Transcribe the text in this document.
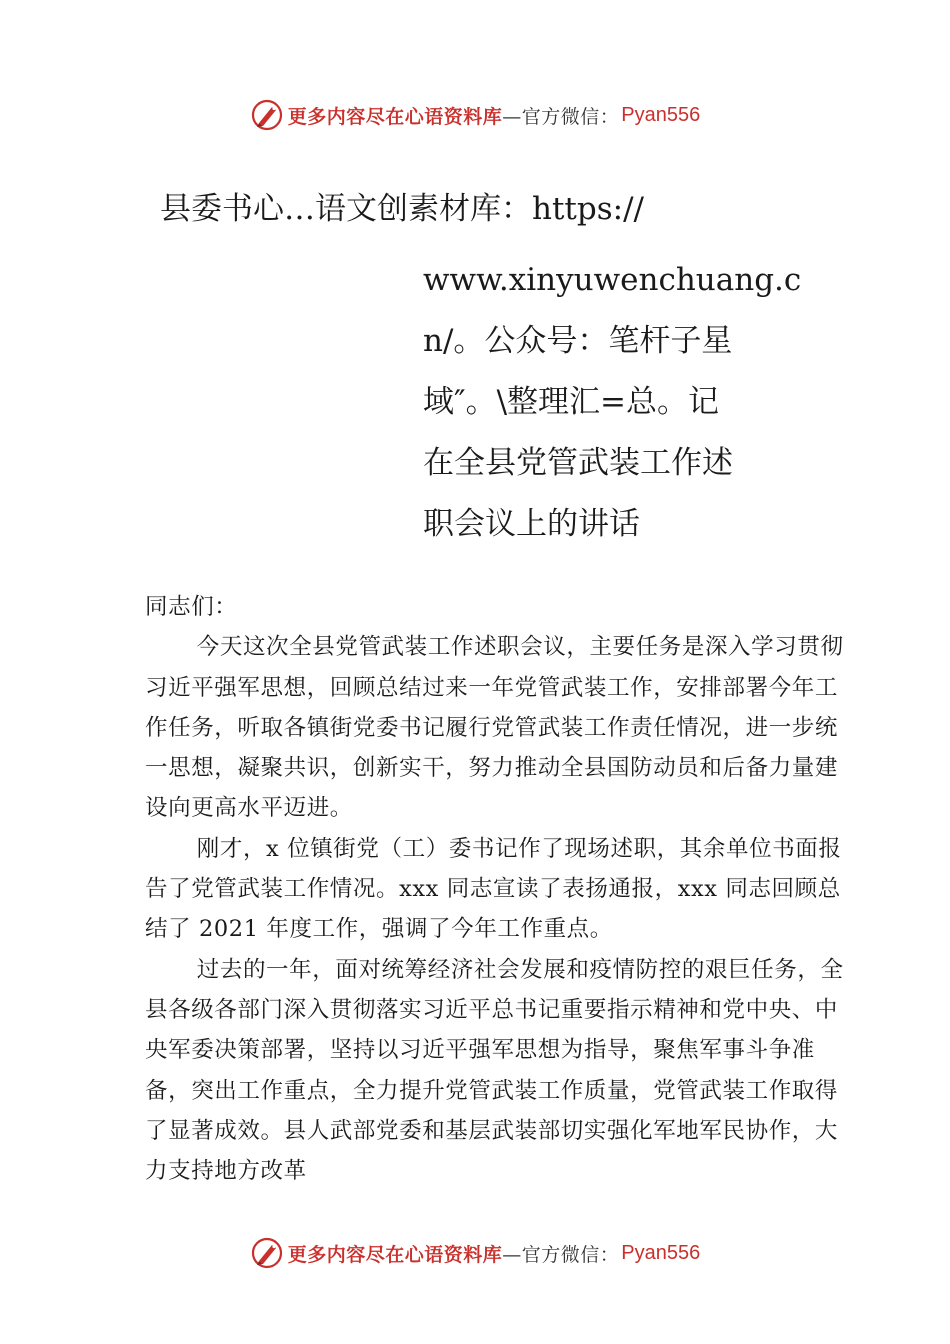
更多内容尽在心语资料库 —官方微信： Pyan556
县委书心…语文创素材库：https://
www.xinyuwenchuang.c
n/。公众号：笔杆子星
域″。\整理汇=总。记
在全县党管武装工作述
职会议上的讲话

同志们：

今天这次全县党管武装工作述职会议，主要任务是深入学习贯彻习近平强军思想，回顾总结过来一年党管武装工作，安排部署今年工作任务，听取各镇街党委书记履行党管武装工作责任情况，进一步统一思想，凝聚共识，创新实干，努力推动全县国防动员和后备力量建设向更高水平迈进。

刚才，x 位镇街党（工）委书记作了现场述职，其余单位书面报告了党管武装工作情况。xxx 同志宣读了表扬通报，xxx 同志回顾总结了 2021 年度工作，强调了今年工作重点。

过去的一年，面对统筹经济社会发展和疫情防控的艰巨任务，全县各级各部门深入贯彻落实习近平总书记重要指示精神和党中央、中央军委决策部署，坚持以习近平强军思想为指导，聚焦军事斗争准备，突出工作重点，全力提升党管武装工作质量，党管武装工作取得了显著成效。县人武部党委和基层武装部切实强化军地军民协作，大力支持地方改革

更多内容尽在心语资料库 —官方微信： Pyan556
